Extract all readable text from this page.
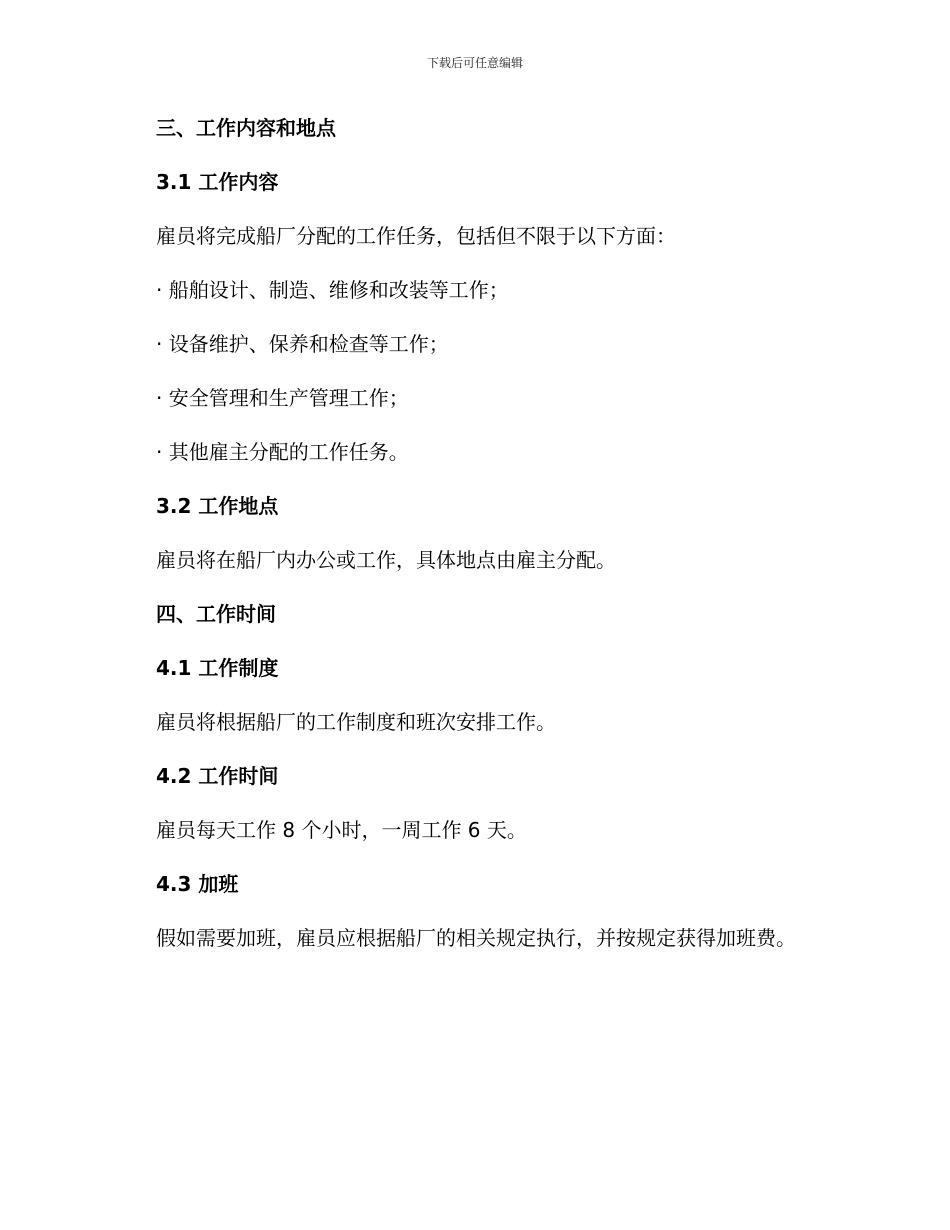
下载后可任意编辑
三、工作内容和地点
3.1 工作内容
雇员将完成船厂分配的工作任务，包括但不限于以下方面：
· 船舶设计、制造、维修和改装等工作；
· 设备维护、保养和检查等工作；
· 安全管理和生产管理工作；
· 其他雇主分配的工作任务。
3.2 工作地点
雇员将在船厂内办公或工作，具体地点由雇主分配。
四、工作时间
4.1 工作制度
雇员将根据船厂的工作制度和班次安排工作。
4.2 工作时间
雇员每天工作 8 个小时，一周工作 6 天。
4.3 加班
假如需要加班，雇员应根据船厂的相关规定执行，并按规定获得加班费。
